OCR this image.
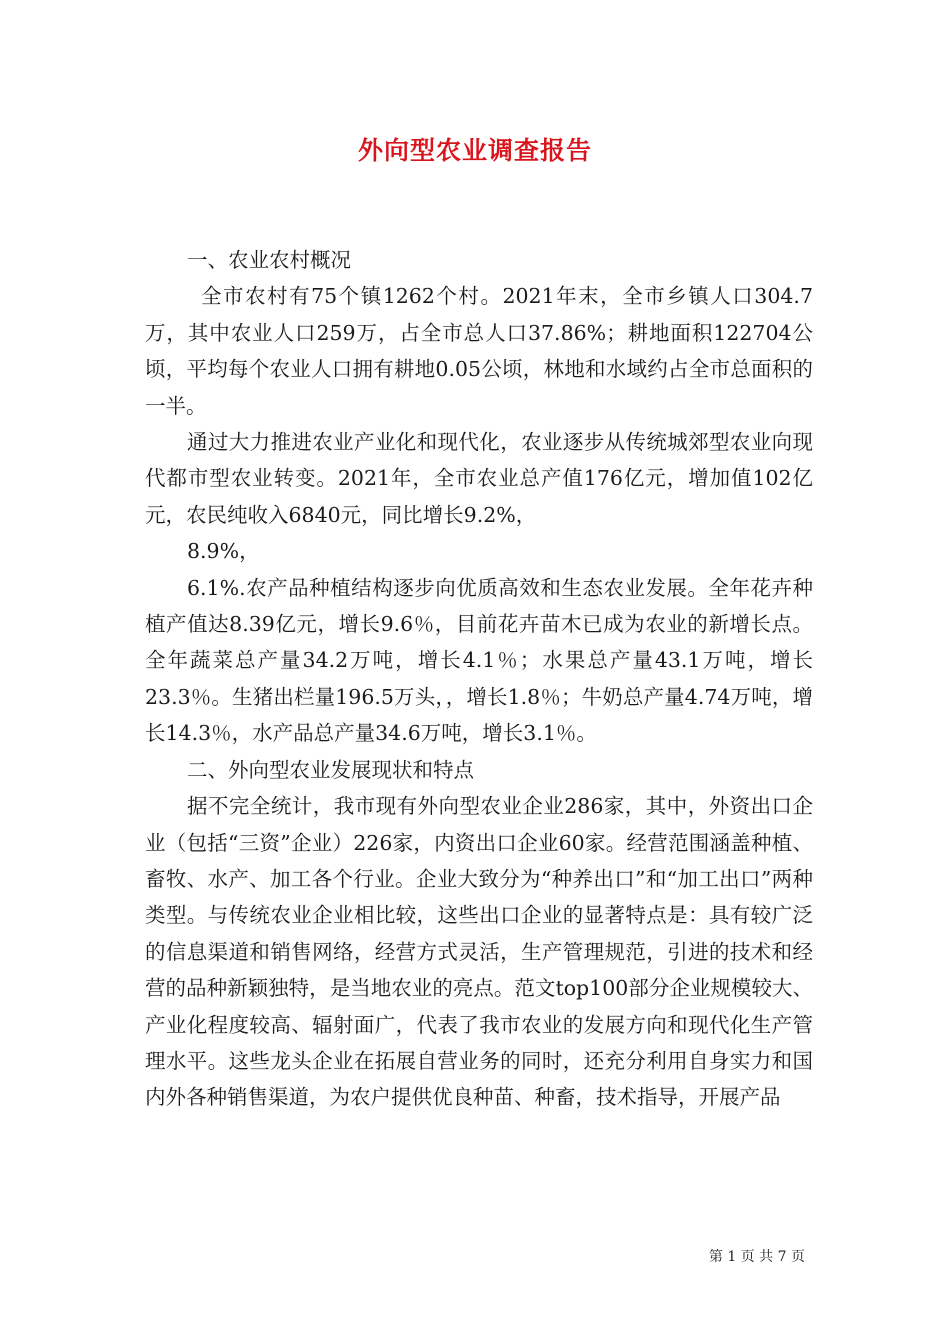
外向型农业调查报告

一、农业农村概况

全市农村有75个镇1262个村。2021年末，全市乡镇人口304.7万，其中农业人口259万，占全市总人口37.86%；耕地面积122704公顷，平均每个农业人口拥有耕地0.05公顷，林地和水域约占全市总面积的一半。

通过大力推进农业产业化和现代化，农业逐步从传统城郊型农业向现代都市型农业转变。2021年，全市农业总产值176亿元，增加值102亿元，农民纯收入6840元，同比增长9.2%，

8.9%，

6.1%.农产品种植结构逐步向优质高效和生态农业发展。全年花卉种植产值达8.39亿元，增长9.6％，目前花卉苗木已成为农业的新增长点。全年蔬菜总产量34.2万吨，增长4.1％；水果总产量43.1万吨，增长23.3％。生猪出栏量196.5万头，，增长1.8％；牛奶总产量4.74万吨，增长14.3％，水产品总产量34.6万吨，增长3.1％。

二、外向型农业发展现状和特点

据不完全统计，我市现有外向型农业企业286家，其中，外资出口企业（包括“三资”企业）226家，内资出口企业60家。经营范围涵盖种植、畜牧、水产、加工各个行业。企业大致分为“种养出口”和“加工出口”两种类型。与传统农业企业相比较，这些出口企业的显著特点是：具有较广泛的信息渠道和销售网络，经营方式灵活，生产管理规范，引进的技术和经营的品种新颖独特，是当地农业的亮点。范文top100部分企业规模较大、产业化程度较高、辐射面广，代表了我市农业的发展方向和现代化生产管理水平。这些龙头企业在拓展自营业务的同时，还充分利用自身实力和国内外各种销售渠道，为农户提供优良种苗、种畜，技术指导，开展产品

第 1 页 共 7 页
